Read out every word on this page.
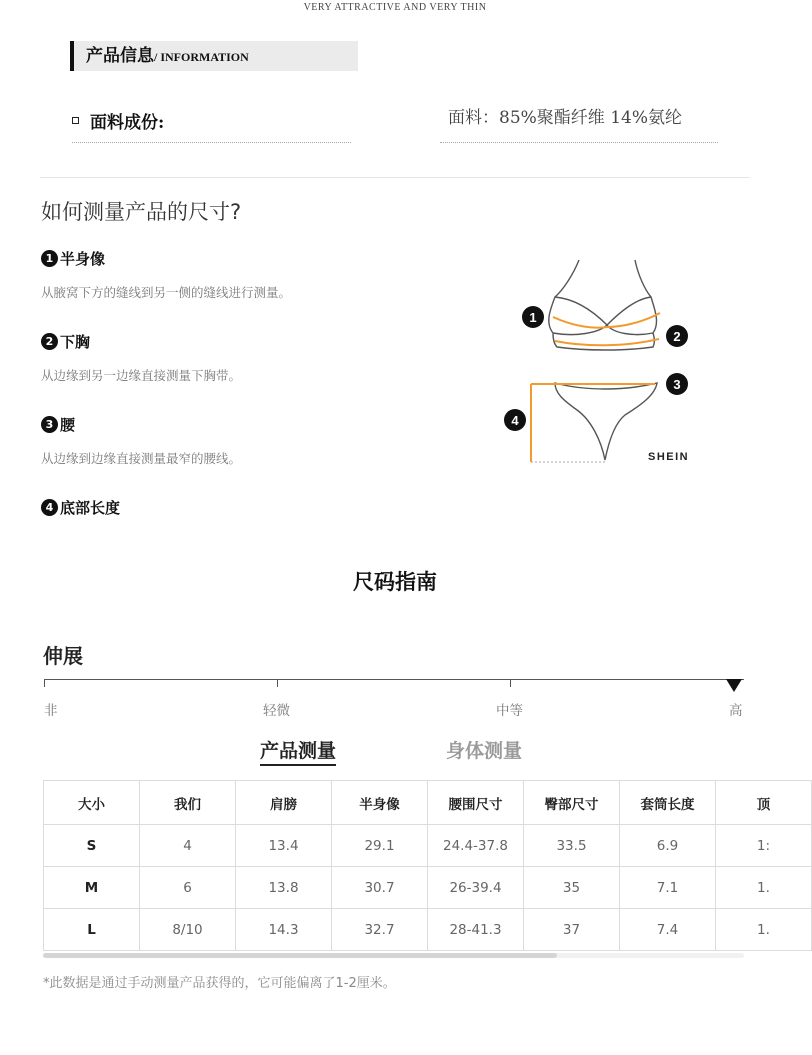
VERY ATTRACTIVE AND VERY THIN
产品信息/ INFORMATION
面料成份:	面料：85%聚酯纤维 14%氨纶
如何测量产品的尺寸?
1 半身像
从腋窝下方的缝线到另一侧的缝线进行测量。
2 下胸
从边缘到另一边缘直接测量下胸带。
3 腰
从边缘到边缘直接测量最窄的腰线。
4 底部长度
1
2
3
4
SHEIN
尺码指南
伸展
非	轻微	中等	高
产品测量	身体测量
大小	我们	肩膀	半身像	腰围尺寸	臀部尺寸	套筒长度	顶
S	4	13.4	29.1	24.4-37.8	33.5	6.9	1:
M	6	13.8	30.7	26-39.4	35	7.1	1.
L	8/10	14.3	32.7	28-41.3	37	7.4	1.
*此数据是通过手动测量产品获得的，它可能偏离了1-2厘米。
